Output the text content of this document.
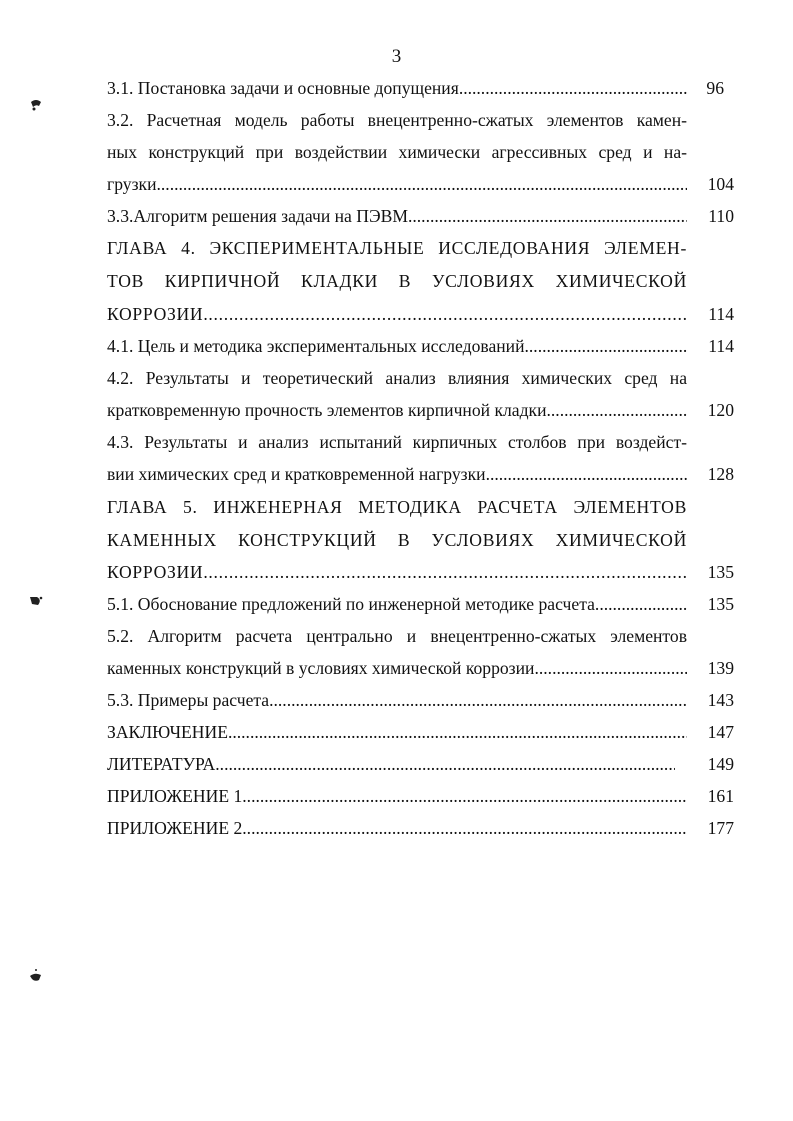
3
3.1. Постановка задачи и основные допущения .....	96
3.2. Расчетная модель работы внецентренно-сжатых элементов камен-
ных конструкций при воздействии химически агрессивных сред и на-
грузки .....	104
3.3.Алгоритм решения задачи на ПЭВМ .....	110
ГЛАВА 4. ЭКСПЕРИМЕНТАЛЬНЫЕ ИССЛЕДОВАНИЯ ЭЛЕМЕН-
ТОВ КИРПИЧНОЙ КЛАДКИ В УСЛОВИЯХ ХИМИЧЕСКОЙ
КОРРОЗИИ .....	114
4.1. Цель и методика экспериментальных исследований .....	114
4.2. Результаты и теоретический анализ влияния химических сред на
кратковременную прочность элементов кирпичной кладки .....	120
4.3. Результаты и анализ испытаний кирпичных столбов при воздейст-
вии химических сред и кратковременной нагрузки .....	128
ГЛАВА 5. ИНЖЕНЕРНАЯ МЕТОДИКА РАСЧЕТА ЭЛЕМЕНТОВ
КАМЕННЫХ КОНСТРУКЦИЙ В УСЛОВИЯХ ХИМИЧЕСКОЙ
КОРРОЗИИ .....	135
5.1. Обоснование предложений по инженерной методике расчета .....	135
5.2. Алгоритм расчета центрально и внецентренно-сжатых элементов
каменных конструкций в условиях химической коррозии .....	139
5.3. Примеры расчета .....	143
ЗАКЛЮЧЕНИЕ .....	147
ЛИТЕРАТУРА .....	149
ПРИЛОЖЕНИЕ 1 .....	161
ПРИЛОЖЕНИЕ 2 .....	177
